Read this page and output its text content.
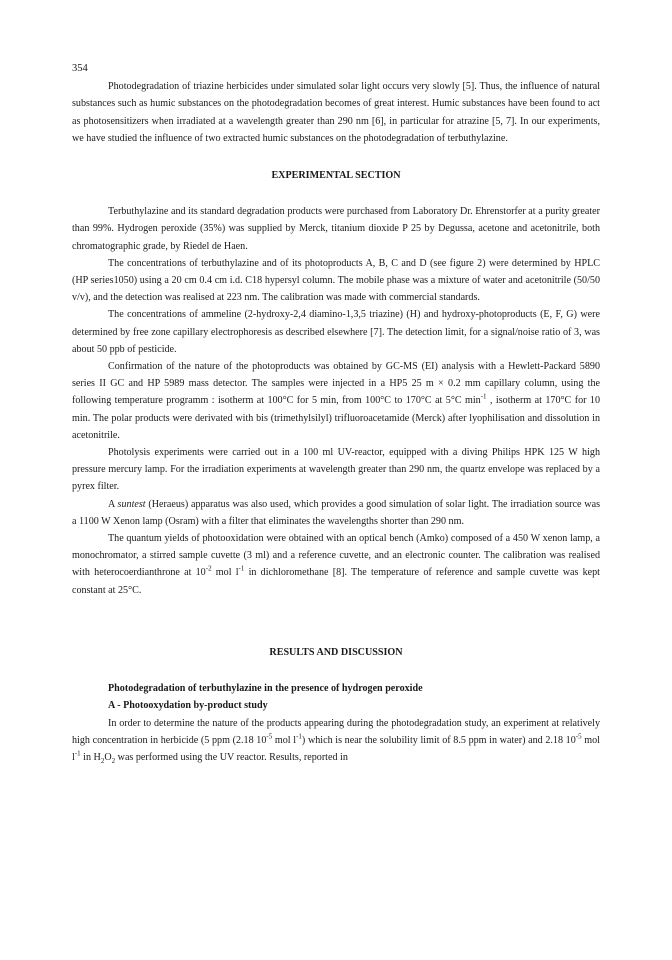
354

Photodegradation of triazine herbicides under simulated solar light occurs very slowly [5]. Thus, the influence of natural substances such as humic substances on the photodegradation becomes of great interest. Humic substances have been found to act as photosensitizers when irradiated at a wavelength greater than 290 nm [6], in particular for atrazine [5, 7]. In our experiments, we have studied the influence of two extracted humic substances on the photodegradation of terbuthylazine.

EXPERIMENTAL SECTION

Terbuthylazine and its standard degradation products were purchased from Laboratory Dr. Ehrenstorfer at a purity greater than 99%. Hydrogen peroxide (35%) was supplied by Merck, titanium dioxide P 25 by Degussa, acetone and acetonitrile, both chromatographic grade, by Riedel de Haen.

The concentrations of terbuthylazine and of its photoproducts A, B, C and D (see figure 2) were determined by HPLC (HP series1050) using a 20 cm 0.4 cm i.d. C18 hypersyl column. The mobile phase was a mixture of water and acetonitrile (50/50 v/v), and the detection was realised at 223 nm. The calibration was made with commercial standards.

The concentrations of ammeline (2-hydroxy-2,4 diamino-1,3,5 triazine) (H) and hydroxy-photoproducts (E, F, G) were determined by free zone capillary electrophoresis as described elsewhere [7]. The detection limit, for a signal/noise ratio of 3, was about 50 ppb of pesticide.

Confirmation of the nature of the photoproducts was obtained by GC-MS (EI) analysis with a Hewlett-Packard 5890 series II GC and HP 5989 mass detector. The samples were injected in a HP5 25 m × 0.2 mm capillary column, using the following temperature programm : isotherm at 100°C for 5 min, from 100°C to 170°C at 5°C $\min^{-1}$ , isotherm at 170°C for 10 min. The polar products were derivated with bis (trimethylsilyl) trifluoroacetamide (Merck) after lyophilisation and dissolution in acetonitrile.

Photolysis experiments were carried out in a 100 ml UV-reactor, equipped with a diving Philips HPK 125 W high pressure mercury lamp. For the irradiation experiments at wavelength greater than 290 nm, the quartz envelope was replaced by a pyrex filter.

A suntest (Heraeus) apparatus was also used, which provides a good simulation of solar light. The irradiation source was a 1100 W Xenon lamp (Osram) with a filter that eliminates the wavelengths shorter than 290 nm.

The quantum yields of photooxidation were obtained with an optical bench (Amko) composed of a 450 W xenon lamp, a monochromator, a stirred sample cuvette (3 ml) and a reference cuvette, and an electronic counter. The calibration was realised with heterocoerdianthrone at $10^{-2}$ mol $l^{-1}$ in dichloromethane [8]. The temperature of reference and sample cuvette was kept constant at 25°C.

RESULTS AND DISCUSSION

Photodegradation of terbuthylazine in the presence of hydrogen peroxide

A - Photooxydation by-product study

In order to determine the nature of the products appearing during the photodegradation study, an experiment at relatively high concentration in herbicide (5 ppm (2.18 $10^{-5}$ mol $l^{-1}$) which is near the solubility limit of 8.5 ppm in water) and 2.18 $10^{-5}$ mol $l^{-1}$ in $H_2O_2$ was performed using the UV reactor. Results, reported in
